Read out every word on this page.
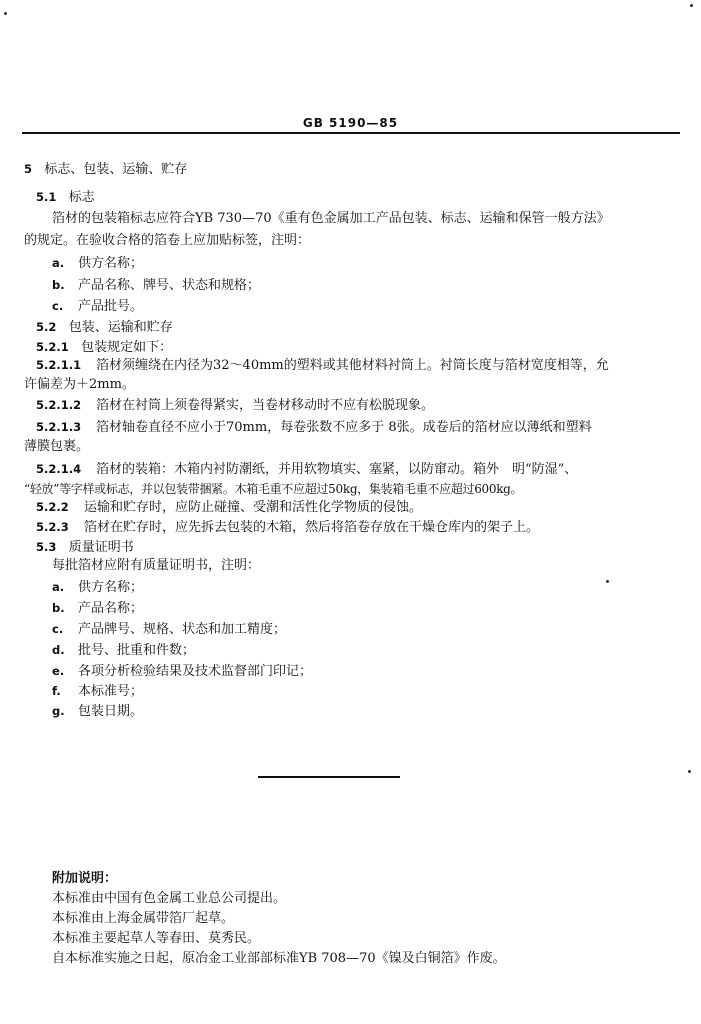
GB 5190—85
5 标志、包装、运输、贮存
5.1 标志
箔材的包装箱标志应符合YB 730—70《重有色金属加工产品包装、标志、运输和保管一般方法》
的规定。在验收合格的箔卷上应加贴标签，注明：
a. 供方名称；
b. 产品名称、牌号、状态和规格；
c. 产品批号。
5.2 包装、运输和贮存
5.2.1 包装规定如下：
5.2.1.1 箔材须缠绕在内径为32～40mm的塑料或其他材料衬筒上。衬筒长度与箔材宽度相等，允
许偏差为＋2mm。
5.2.1.2 箔材在衬筒上须卷得紧实，当卷材移动时不应有松脱现象。
5.2.1.3 箔材轴卷直径不应小于70mm，每卷张数不应多于 8张。成卷后的箔材应以薄纸和塑料
薄膜包裹。
5.2.1.4 箔材的装箱：木箱内衬防潮纸，并用软物填实、塞紧，以防窜动。箱外　明“防湿”、
“轻放”等字样或标志，并以包装带捆紧。木箱毛重不应超过50kg，集装箱毛重不应超过600kg。
5.2.2 运输和贮存时，应防止碰撞、受潮和活性化学物质的侵蚀。
5.2.3 箔材在贮存时，应先拆去包装的木箱，然后将箔卷存放在干燥仓库内的架子上。
5.3 质量证明书
每批箔材应附有质量证明书，注明：
a. 供方名称；
b. 产品名称；
c. 产品牌号、规格、状态和加工精度；
d. 批号、批重和件数；
e. 各项分析检验结果及技术监督部门印记；
f. 本标准号；
g. 包装日期。
附加说明：
本标准由中国有色金属工业总公司提出。
本标准由上海金属带箔厂起草。
本标准主要起草人等春田、莫秀民。
自本标准实施之日起，原冶金工业部部标准YB 708—70《镍及白铜箔》作废。
